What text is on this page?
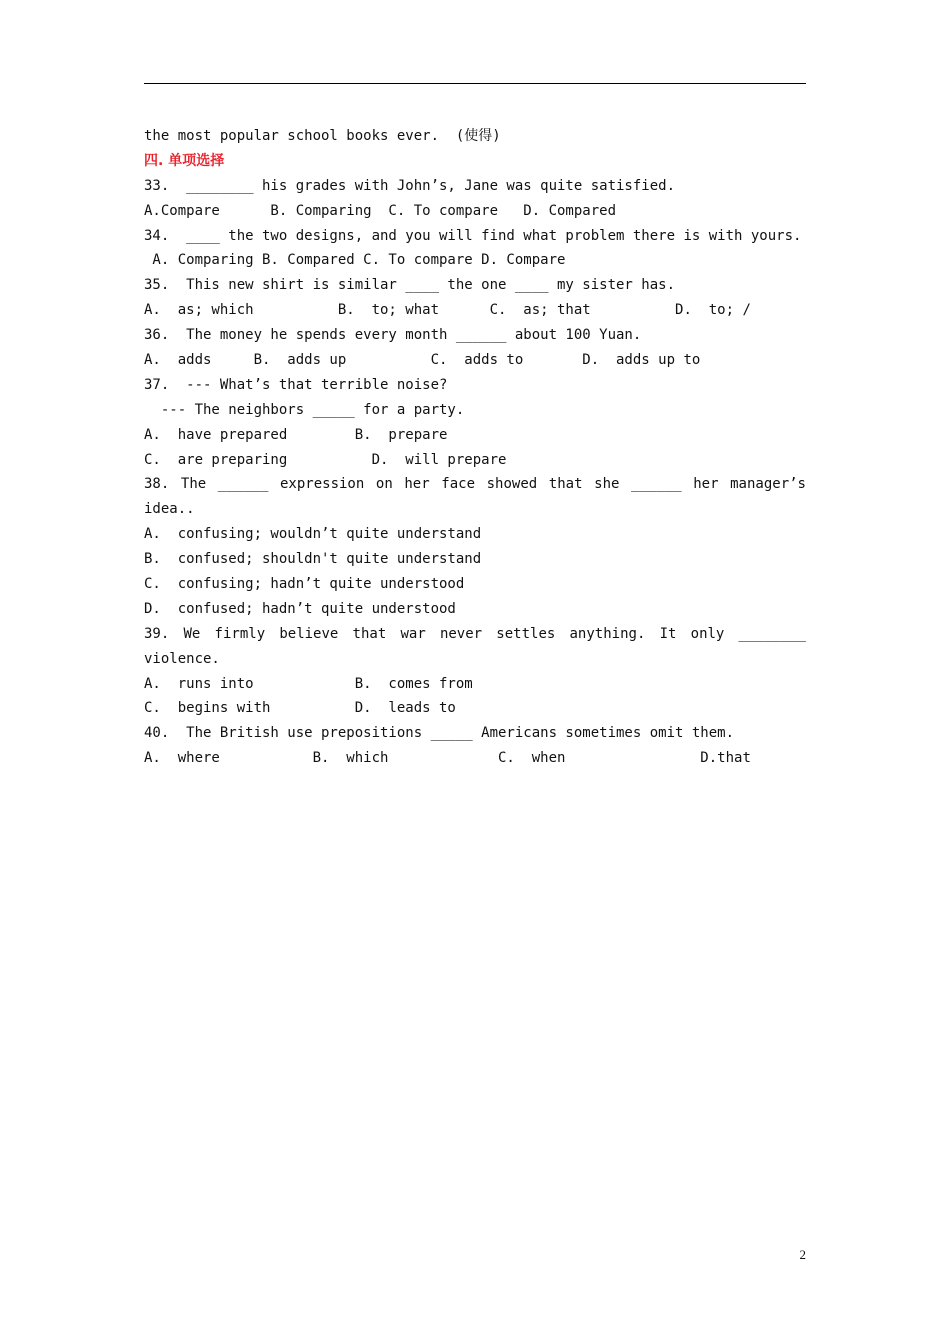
the most popular school books ever.  (使得)
四. 单项选择
33.  ________ his grades with John’s, Jane was quite satisfied.
A.Compare      B. Comparing  C. To compare   D. Compared
34.  ____ the two designs, and you will find what problem there is with yours.
A. Comparing B. Compared C. To compare D. Compare
35.  This new shirt is similar ____ the one ____ my sister has.
A.  as; which          B.  to; what      C.  as; that          D.  to; /
36.  The money he spends every month ______ about 100 Yuan.
A.  adds     B.  adds up          C.  adds to       D.  adds up to
37.  --- What’s that terrible noise?
--- The neighbors _____ for a party.
A.  have prepared        B.  prepare
C.  are preparing          D.  will prepare
38. The ______ expression on her face showed that she ______ her manager’s
idea..
A.  confusing; wouldn’t quite understand
B.  confused; shouldn't quite understand
C.  confusing; hadn’t quite understood
D.  confused; hadn’t quite understood
39. We firmly believe that war never settles anything. It only ________
violence.
A.  runs into            B.  comes from
C.  begins with          D.  leads to
40.  The British use prepositions _____ Americans sometimes omit them.
A.  where           B.  which             C.  when                D.that
2
